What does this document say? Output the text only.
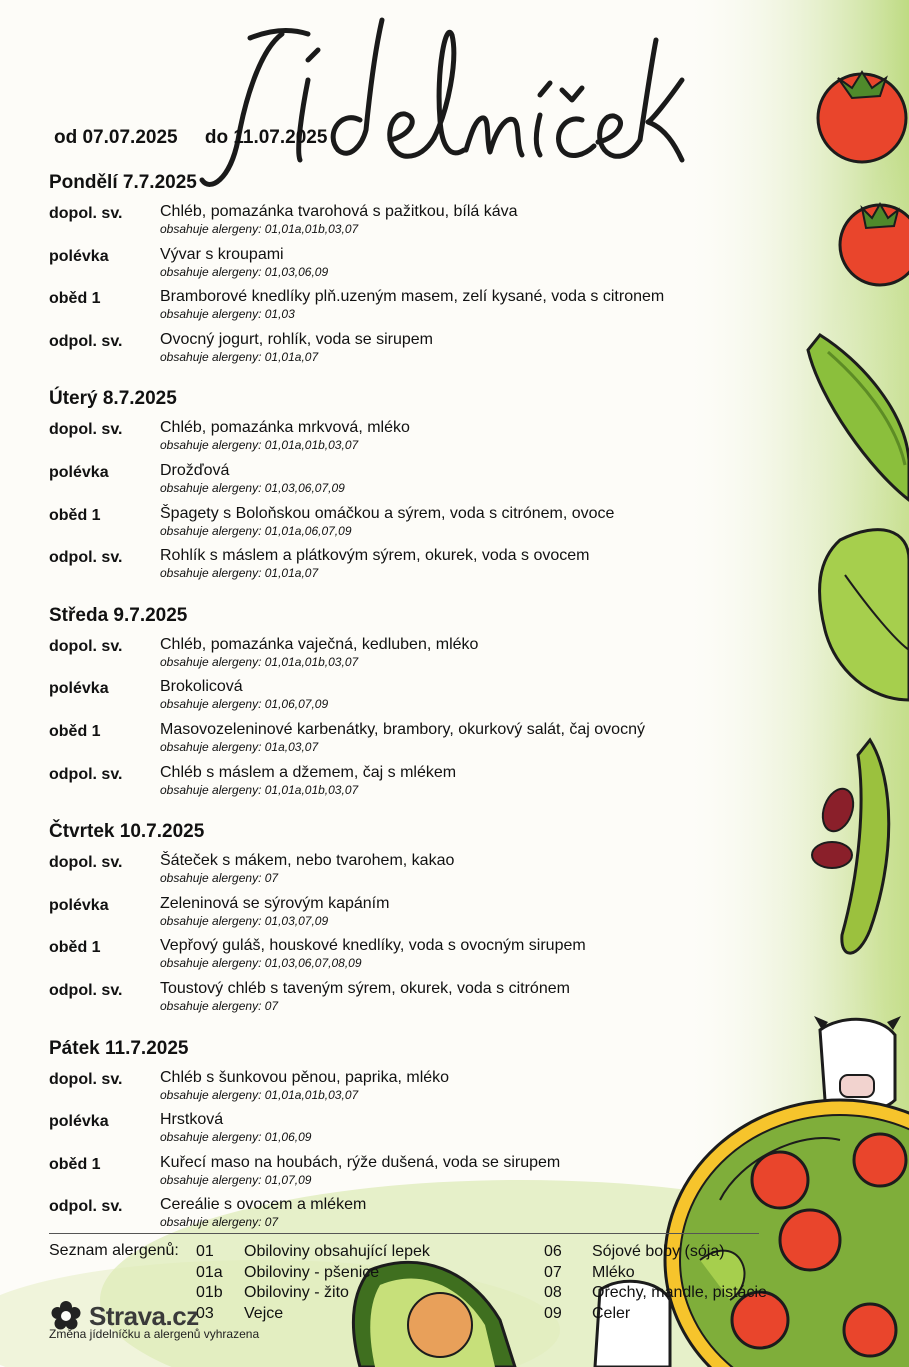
od 07.07.2025 do 11.07.2025
Pondělí 7.7.2025
dopol. sv.	Chléb, pomazánka tvarohová s pažitkou, bílá káva
obsahuje alergeny: 01,01a,01b,03,07
polévka	Vývar s kroupami
obsahuje alergeny: 01,03,06,09
oběd 1	Bramborové knedlíky plň.uzeným masem, zelí kysané, voda s citronem
obsahuje alergeny: 01,03
odpol. sv.	Ovocný jogurt, rohlík, voda se sirupem
obsahuje alergeny: 01,01a,07
Úterý 8.7.2025
dopol. sv.	Chléb, pomazánka mrkvová, mléko
obsahuje alergeny: 01,01a,01b,03,07
polévka	Drožďová
obsahuje alergeny: 01,03,06,07,09
oběd 1	Špagety s Boloňskou omáčkou a sýrem, voda s citrónem, ovoce
obsahuje alergeny: 01,01a,06,07,09
odpol. sv.	Rohlík s máslem a plátkovým sýrem, okurek, voda s ovocem
obsahuje alergeny: 01,01a,07
Středa 9.7.2025
dopol. sv.	Chléb, pomazánka vaječná, kedluben, mléko
obsahuje alergeny: 01,01a,01b,03,07
polévka	Brokolicová
obsahuje alergeny: 01,06,07,09
oběd 1	Masovozeleninové karbenátky, brambory, okurkový salát, čaj ovocný
obsahuje alergeny: 01a,03,07
odpol. sv.	Chléb s máslem a džemem, čaj s mlékem
obsahuje alergeny: 01,01a,01b,03,07
Čtvrtek 10.7.2025
dopol. sv.	Šáteček s mákem, nebo tvarohem, kakao
obsahuje alergeny: 07
polévka	Zeleninová se sýrovým kapáním
obsahuje alergeny: 01,03,07,09
oběd 1	Vepřový guláš, houskové knedlíky, voda s ovocným sirupem
obsahuje alergeny: 01,03,06,07,08,09
odpol. sv.	Toustový chléb s taveným sýrem, okurek, voda s citrónem
obsahuje alergeny: 07
Pátek 11.7.2025
dopol. sv.	Chléb s šunkovou pěnou, paprika, mléko
obsahuje alergeny: 01,01a,01b,03,07
polévka	Hrstková
obsahuje alergeny: 01,06,09
oběd 1	Kuřecí maso na houbách, rýže dušená, voda se sirupem
obsahuje alergeny: 01,07,09
odpol. sv.	Cereálie s ovocem a mlékem
obsahuje alergeny: 07
Seznam alergenů: 01 Obiloviny obsahující lepek
01a Obiloviny - pšenice
01b Obiloviny - žito
03 Vejce
06 Sójové boby (sója)
07 Mléko
08 Ořechy, mandle, pistácie
09 Celer
Strava.cz
Změna jídelníčku a alergenů vyhrazena
